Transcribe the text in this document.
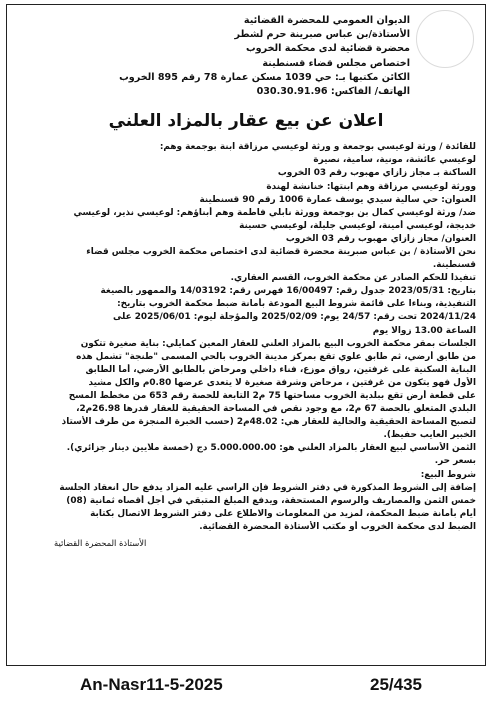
الديوان العمومي للمحضرة القضائية
الأستاذة/بن عباس صبرينة حرم لشطر
محضرة قضائية لدى محكمة الخروب
اختصاص مجلس قضاء قسنطينة
الكائن مكتبها بـ: حي 1039 مسكن عمارة 78 رقم 895 الخروب
الهاتف/ الفاكس: 030.30.91.96
اعلان عن بيع عقار بالمزاد العلني
للفائدة / ورثة لوعيسي بوجمعة و ورثة لوعيسي مرزاقة ابنة بوجمعة وهم:
لوعيسي عائشة، مونية، سامية، نصيرة
الساكنة بـ مجاز زازاي مهبوب رقم 03 الخروب
وورثة لوعيسي مرزاقة وهم ابنتها: خنانشة لهندة
العنوان: حي سالية سيدي يوسف عمارة 1006 رقم 90 قسنطينة
ضد/ ورثة لوعيسي كمال بن بوجمعة وورثة نابلي فاطمة وهم أبناؤهم: لوعيسي نذير، لوعيسي
خديجة، لوعيسي أمينة، لوعيسي جليلة، لوعيسي حسينة
العنوان/ مجاز زازاي مهبوب رقم 03 الخروب
نحن الأستاذة / بن عباس صبرينة محضرة قضائية لدى اختصاص محكمة الخروب مجلس قضاء
قسنطينة.
تنفيذا للحكم الصادر عن محكمة الخروب، القسم العقاري.
بتاريخ: 2023/05/31 جدول رقم: 16/00497 فهرس رقم: 14/03192 والممهور بالصيغة
التنفيذية، وبناءا على قائمة شروط البيع المودعة بأمانة ضبط محكمة الخروب بتاريخ:
2024/11/24 تحت رقم: 24/57 يوم: 2025/02/09 والمؤجلة ليوم: 2025/06/01 على
الساعة 13.00 زوالا يوم
الجلسات بمقر محكمة الخروب البيع بالمزاد العلني للعقار المعين كمايلي: بناية صغيرة تتكون
من طابق أرضي، ثم طابق علوي تقع بمركز مدينة الخروب بالحي المسمى "طنجة" تشمل هذه
البناية السكنية على غرفتين، رواق موزع، فناء داخلي ومرحاض بالطابق الأرضي، أما الطابق
الأول فهو يتكون من غرفتين ، مرحاض وشرفة صغيرة لا يتعدى عرضها 0.80م والكل مشيد
على قطعة أرض تقع ببلدية الخروب مساحتها 75 م2 التابعة للحصة رقم 653 من مخطط المسح
البلدي المتعلق بالحصة 67 م2، مع وجود نقص في المساحة الحقيقية للعقار قدرها 26.98م2،
لتصبح المساحة الحقيقية والحالية للعقار هي: 48.02م2 (حسب الخبرة المنجزة من طرف الأستاذ
الخبير العايب حفيظ).
الثمن الأساسي لبيع العقار بالمزاد العلني هو: 5.000.000.00 دج (خمسة ملايين دينار جزائري).
بسعر حر.
شروط البيع:
إضافة إلى الشروط المذكورة في دفتر الشروط فإن الراسي عليه المزاد يدفع حال انعقاد الجلسة
خمس الثمن والمصاريف والرسوم المستحقة، ويدفع المبلغ المتبقي في أجل أقصاه ثمانية (08)
أيام بأمانة ضبط المحكمة، لمزيد من المعلومات والاطلاع على دفتر الشروط الاتصال بكتابة
الضبط لدى محكمة الخروب أو مكتب الأستاذة المحضرة القضائية.
الأستاذة المحضرة القضائية
An-Nasr11-5-2025	25/435
